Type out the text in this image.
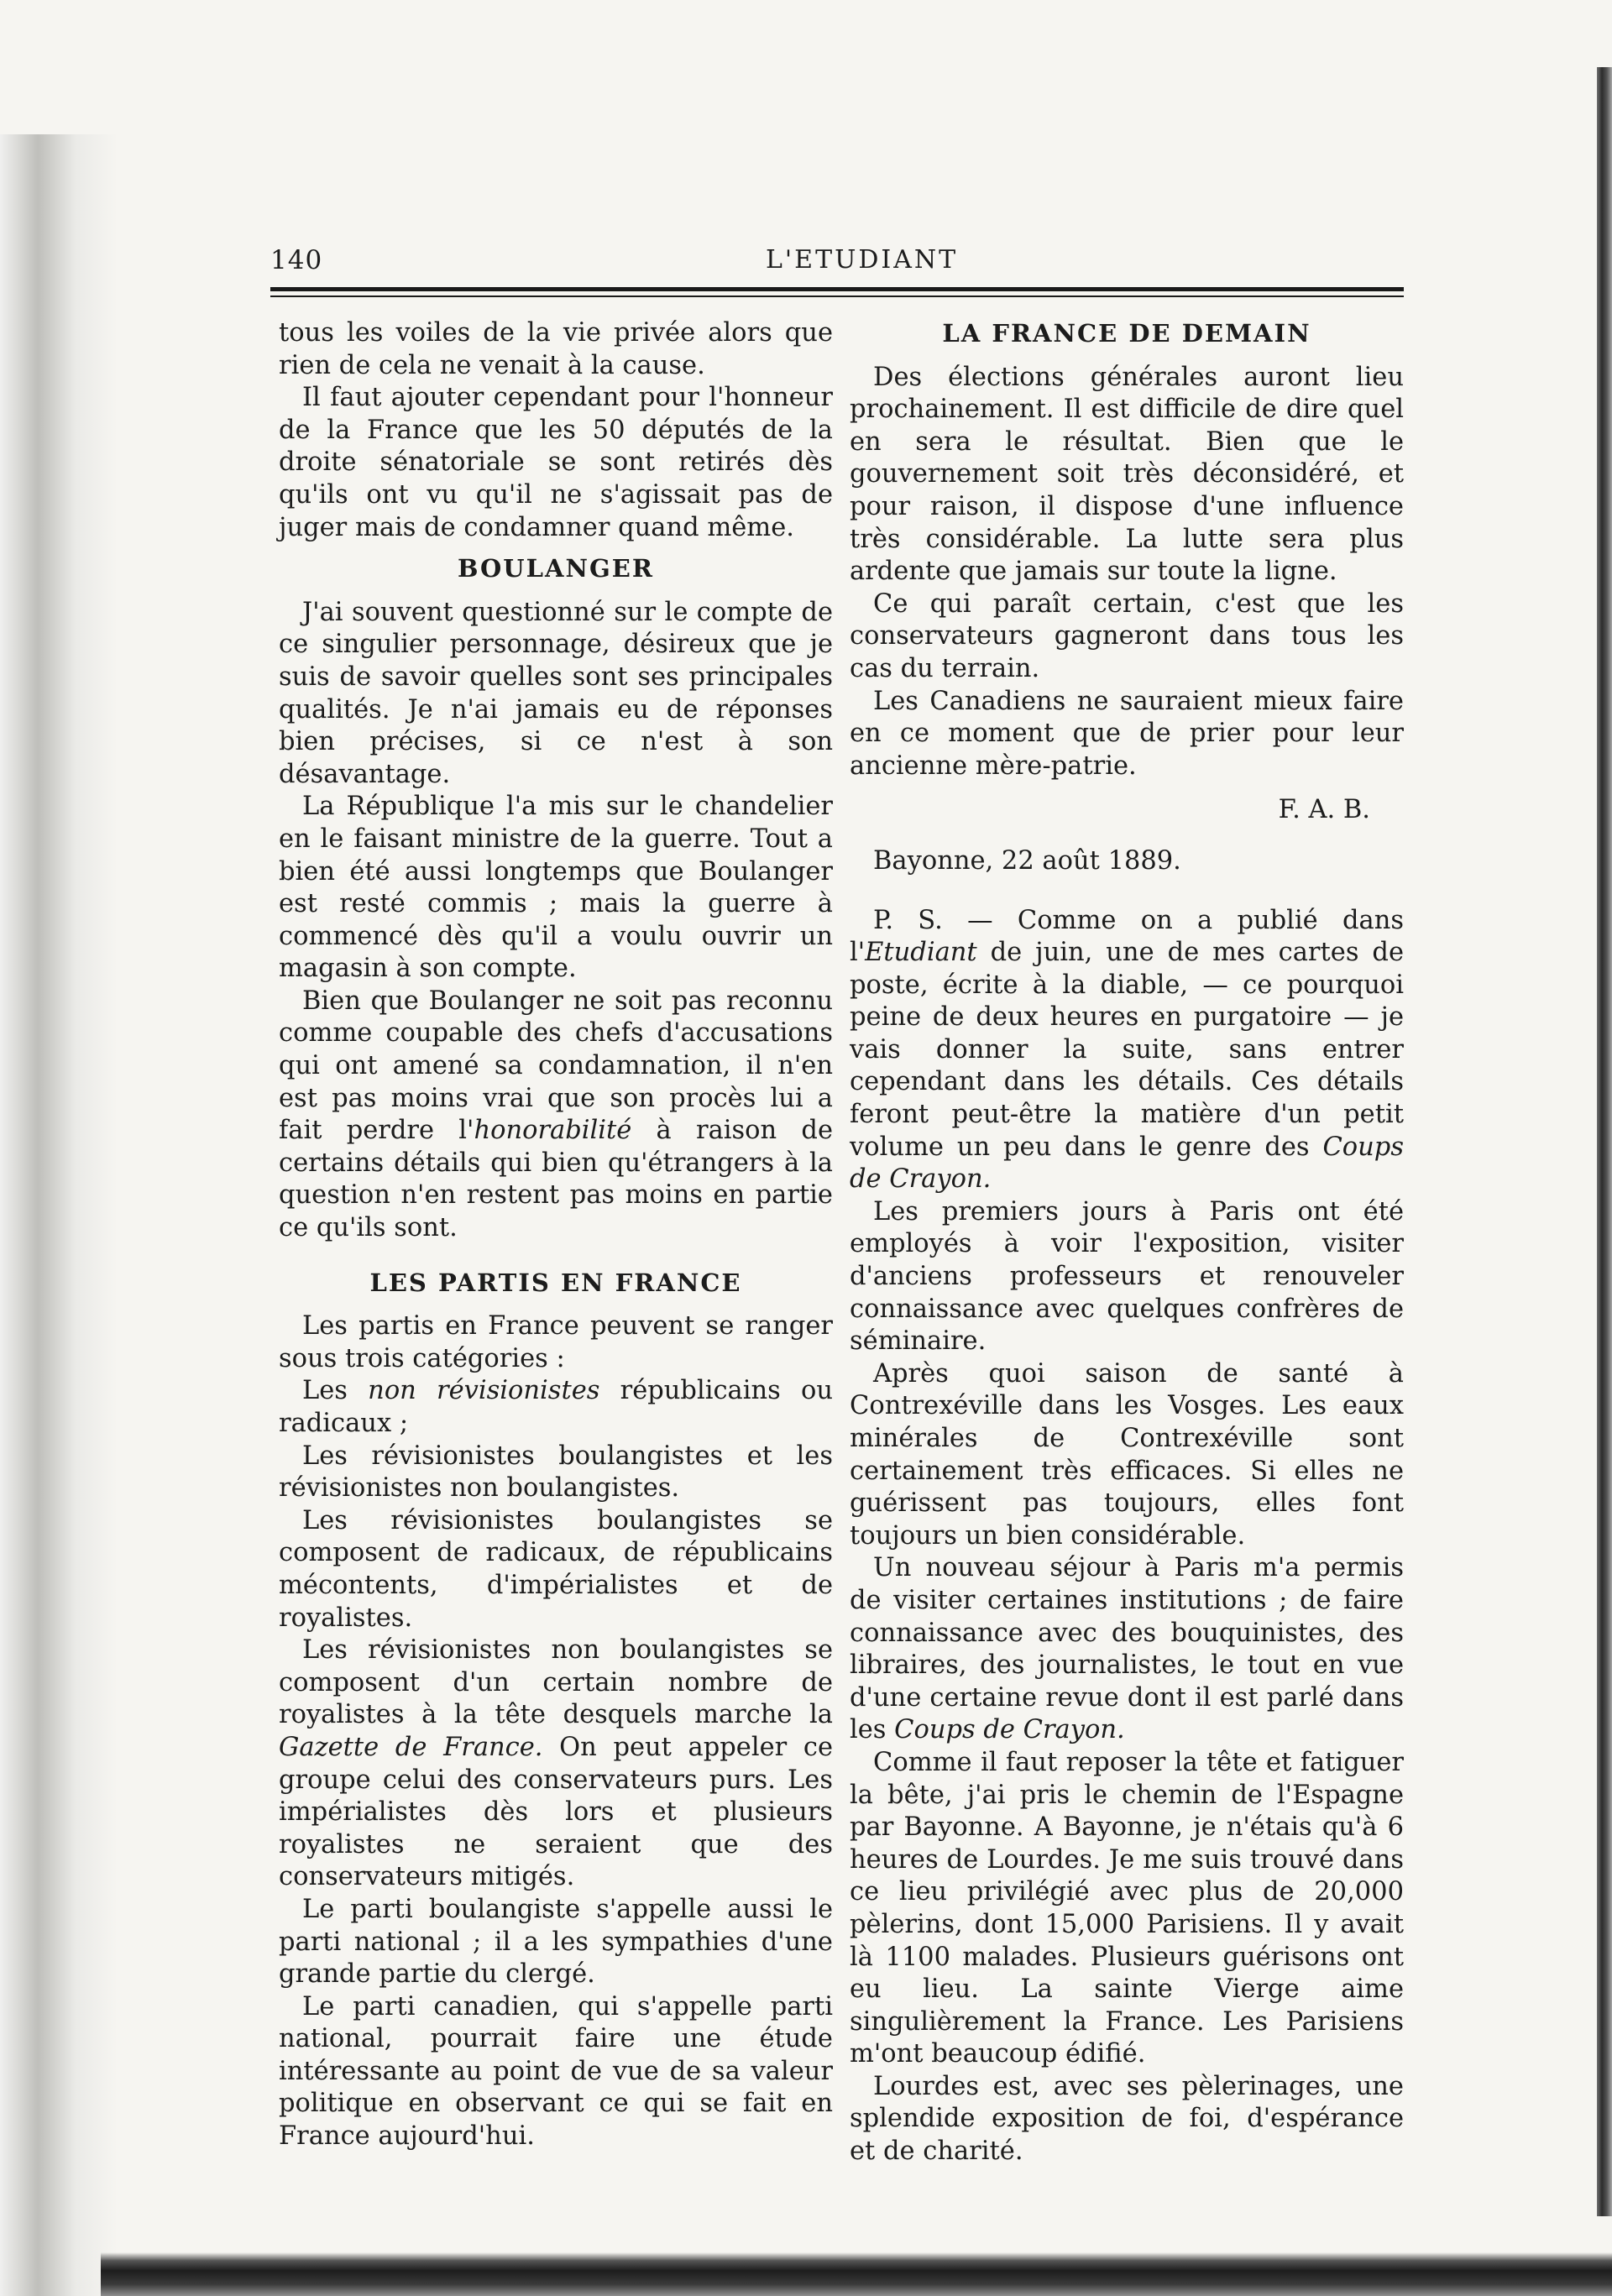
140	L'ETUDIANT

tous les voiles de la vie privée alors que rien de cela ne venait à la cause.

Il faut ajouter cependant pour l'honneur de la France que les 50 députés de la droite sénatoriale se sont retirés dès qu'ils ont vu qu'il ne s'agissait pas de juger mais de condamner quand même.

BOULANGER

J'ai souvent questionné sur le compte de ce singulier personnage, désireux que je suis de savoir quelles sont ses principales qualités. Je n'ai jamais eu de réponses bien précises, si ce n'est à son désavantage.

La République l'a mis sur le chandelier en le faisant ministre de la guerre. Tout a bien été aussi longtemps que Boulanger est resté commis ; mais la guerre à commencé dès qu'il a voulu ouvrir un magasin à son compte.

Bien que Boulanger ne soit pas reconnu comme coupable des chefs d'accusations qui ont amené sa condamnation, il n'en est pas moins vrai que son procès lui a fait perdre l'honorabilité à raison de certains détails qui bien qu'étrangers à la question n'en restent pas moins en partie ce qu'ils sont.

LES PARTIS EN FRANCE

Les partis en France peuvent se ranger sous trois catégories :

Les non révisionistes républicains ou radicaux ;

Les révisionistes boulangistes et les révisionistes non boulangistes.

Les révisionistes boulangistes se composent de radicaux, de républicains mécontents, d'impérialistes et de royalistes.

Les révisionistes non boulangistes se composent d'un certain nombre de royalistes à la tête desquels marche la Gazette de France. On peut appeler ce groupe celui des conservateurs purs. Les impérialistes dès lors et plusieurs royalistes ne seraient que des conservateurs mitigés.

Le parti boulangiste s'appelle aussi le parti national ; il a les sympathies d'une grande partie du clergé.

Le parti canadien, qui s'appelle parti national, pourrait faire une étude intéressante au point de vue de sa valeur politique en observant ce qui se fait en France aujourd'hui.

LA FRANCE DE DEMAIN

Des élections générales auront lieu prochainement. Il est difficile de dire quel en sera le résultat. Bien que le gouvernement soit très déconsidéré, et pour raison, il dispose d'une influence très considérable. La lutte sera plus ardente que jamais sur toute la ligne.

Ce qui paraît certain, c'est que les conservateurs gagneront dans tous les cas du terrain.

Les Canadiens ne sauraient mieux faire en ce moment que de prier pour leur ancienne mère-patrie.

F. A. B.

Bayonne, 22 août 1889.

P. S. — Comme on a publié dans l'Etudiant de juin, une de mes cartes de poste, écrite à la diable, — ce pourquoi peine de deux heures en purgatoire — je vais donner la suite, sans entrer cependant dans les détails. Ces détails feront peut-être la matière d'un petit volume un peu dans le genre des Coups de Crayon.

Les premiers jours à Paris ont été employés à voir l'exposition, visiter d'anciens professeurs et renouveler connaissance avec quelques confrères de séminaire.

Après quoi saison de santé à Contrexéville dans les Vosges. Les eaux minérales de Contrexéville sont certainement très efficaces. Si elles ne guérissent pas toujours, elles font toujours un bien considérable.

Un nouveau séjour à Paris m'a permis de visiter certaines institutions ; de faire connaissance avec des bouquinistes, des libraires, des journalistes, le tout en vue d'une certaine revue dont il est parlé dans les Coups de Crayon.

Comme il faut reposer la tête et fatiguer la bête, j'ai pris le chemin de l'Espagne par Bayonne. A Bayonne, je n'étais qu'à 6 heures de Lourdes. Je me suis trouvé dans ce lieu privilégié avec plus de 20,000 pèlerins, dont 15,000 Parisiens. Il y avait là 1100 malades. Plusieurs guérisons ont eu lieu. La sainte Vierge aime singulièrement la France. Les Parisiens m'ont beaucoup édifié.

Lourdes est, avec ses pèlerinages, une splendide exposition de foi, d'espérance et de charité.
